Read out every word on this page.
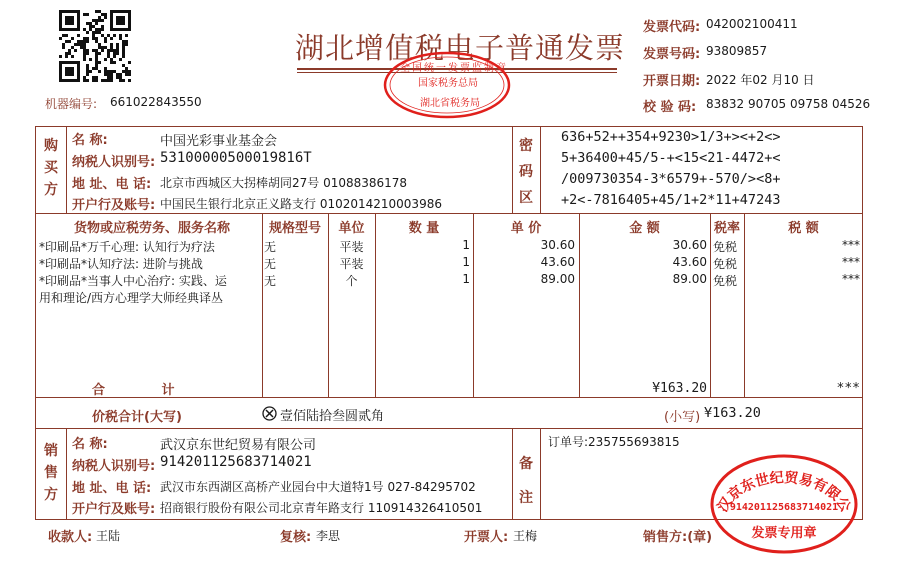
湖北增值税电子普通发票
全国统一发票监制章
国家税务总局
湖北省税务局
机器编号: 661022843550
发票代码: 042002100411
发票号码: 93809857
开票日期: 2022 年02 月10 日
校 验 码: 83832 90705 09758 04526
购
买
方
名 称:	中国光彩事业基金会
纳税人识别号: 53100000500019816T
地 址、电 话: 北京市西城区大拐棒胡同27号 01088386178
开户行及账号: 中国民生银行北京正义路支行 0102014210003986
密
码
区
636+52++354+9230>1/3+><+2<>
5+36400+45/5-+<15<21-4472+<
/009730354-3*6579+-570/><8+
+2<-7816405+45/1+2*11+47243
货物或应税劳务、服务名称	规格型号	单位	数 量	单 价	金 额	税率	税 额
*印刷品*万千心理: 认知行为疗法	无	平装	1	30.60	30.60 免税	***
*印刷品*认知疗法: 进阶与挑战	无	平装	1	43.60	43.60 免税	***
*印刷品*当事人中心治疗: 实践、运	无	个	1	89.00	89.00 免税	***
用和理论/西方心理学大师经典译丛
合 计	¥163.20	***
价税合计(大写)	壹佰陆拾叁圆贰角	(小写) ¥163.20
销
售
方
名 称:	武汉京东世纪贸易有限公司
纳税人识别号: 914201125683714021
地 址、电 话: 武汉市东西湖区高桥产业园台中大道特1号 027-84295702
开户行及账号: 招商银行股份有限公司北京青年路支行 110914326410501
备
注
订单号:235755693815
汉京东世纪贸易有限公
914201125683714021
发票专用章
收款人: 王陆	复核: 李思	开票人: 王梅	销售方:(章)
